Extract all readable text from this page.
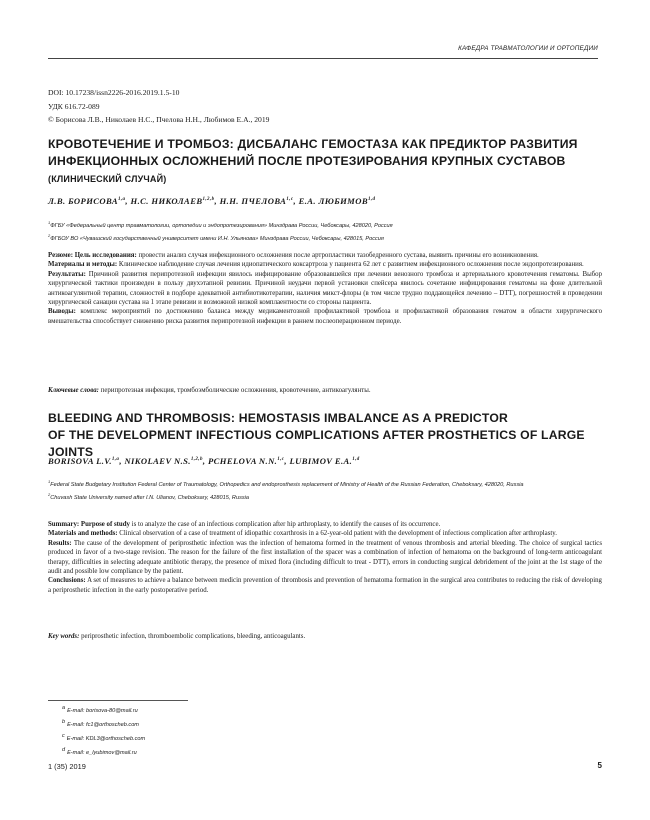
КАФЕДРА ТРАВМАТОЛОГИИ И ОРТОПЕДИИ
DOI: 10.17238/issn2226-2016.2019.1.5-10
УДК 616.72-089
© Борисова Л.В., Николаев Н.С., Пчелова Н.Н., Любимов Е.А., 2019
КРОВОТЕЧЕНИЕ И ТРОМБОЗ: ДИСБАЛАНС ГЕМОСТАЗА КАК ПРЕДИКТОР РАЗВИТИЯ
ИНФЕКЦИОННЫХ ОСЛОЖНЕНИЙ ПОСЛЕ ПРОТЕЗИРОВАНИЯ КРУПНЫХ СУСТАВОВ
(КЛИНИЧЕСКИЙ СЛУЧАЙ)
Л.В. БОРИСОВА$^{1,a}$, Н.С. НИКОЛАЕВ$^{1,2,b}$, Н.Н. ПЧЕЛОВА$^{1,c}$, Е.А. ЛЮБИМОВ$^{1,d}$
$^1$ФГБУ «Федеральный центр травматологии, ортопедии и эндопротезирования» Минздрава России, Чебоксары, 428020, Россия
$^2$ФГБОУ ВО «Чувашский государственный университет имени И.Н. Ульянова» Минздрава России, Чебоксары, 428015, Россия

Резюме: Цель исследования: провести анализ случая инфекционного осложнения после артропластики тазобедренного сустава, выявить причины его возникновения.

Материалы и методы: Клиническое наблюдение случая лечения идиопатического коксартроза у пациента 62 лет с развитием инфекционного осложнения после эндопротезирования.

Результаты: Причиной развития перипротезной инфекции явилось инфицирование образовавшейся при лечении венозного тромбоза и артериального кровотечения гематомы. Выбор хирургической тактики произведен в пользу двухэтапной ревизии. Причиной неудачи первой установки спейсера явилось сочетание инфицирования гематомы на фоне длительной антикоагулянтной терапии, сложностей в подборе адекватной антибиотикотерапии, наличия микст-флоры (в том числе трудно поддающейся лечению – DTT), погрешностей в проведении хирургической санации сустава на 1 этапе ревизии и возможной низкой комплаентности со стороны пациента.

Выводы: комплекс мероприятий по достижению баланса между медикаментозной профилактикой тромбоза и профилактикой образования гематом в области хирургического вмешательства способствует снижению риска развития перипротезной инфекции в раннем послеоперационном периоде.

Ключевые слова: перипротезная инфекция, тромбоэмболические осложнения, кровотечение, антикоагулянты.
BLEEDING AND THROMBOSIS: HEMOSTASIS IMBALANCE AS A PREDICTOR
OF THE DEVELOPMENT INFECTIOUS COMPLICATIONS AFTER PROSTHETICS OF LARGE JOINTS
BORISOVA L.V.$^{1,a}$, NIKOLAEV N.S.$^{1,2,b}$, PCHELOVA N.N.$^{1,c}$, LUBIMOV E.A.$^{1,d}$
$^1$Federal State Budgetary Institution Federal Center of Traumatology, Orthopedics and endoprosthesis replacement of Ministry of Health of the Russian Federation, Cheboksary, 428020, Russia
$^2$Chuvash State University named after I.N. Ulianov, Cheboksary, 428015, Russia

Summary: Purpose of study is to analyze the case of an infectious complication after hip arthroplasty, to identify the causes of its occurrence.

Materials and methods: Clinical observation of a case of treatment of idiopathic coxarthrosis in a 62-year-old patient with the development of infectious complication after arthroplasty.

Results: The cause of the development of periprosthetic infection was the infection of hematoma formed in the treatment of venous thrombosis and arterial bleeding. The choice of surgical tactics produced in favor of a two-stage revision. The reason for the failure of the first installation of the spacer was a combination of infection of hematoma on the background of long-term anticoagulant therapy, difficulties in selecting adequate antibiotic therapy, the presence of mixed flora (including difficult to treat - DTT), errors in conducting surgical debridement of the joint at the 1st stage of the audit and possible low compliance by the patient.

Conclusions: A set of measures to achieve a balance between medicin prevention of thrombosis and prevention of hematoma formation in the surgical area contributes to reducing the risk of developing a periprosthetic infection in the early postoperative period.

Key words: periprosthetic infection, thromboembolic complications, bleeding, anticoagulants.
$^a$ E-mail: borisova-80@mail.ru
$^b$ E-mail: fc1@orthoscheb.com
$^c$ E-mail: KDL3@orthoscheb.com
$^d$ E-mail: e_lyubimov@mail.ru
1 (35) 2019	5
